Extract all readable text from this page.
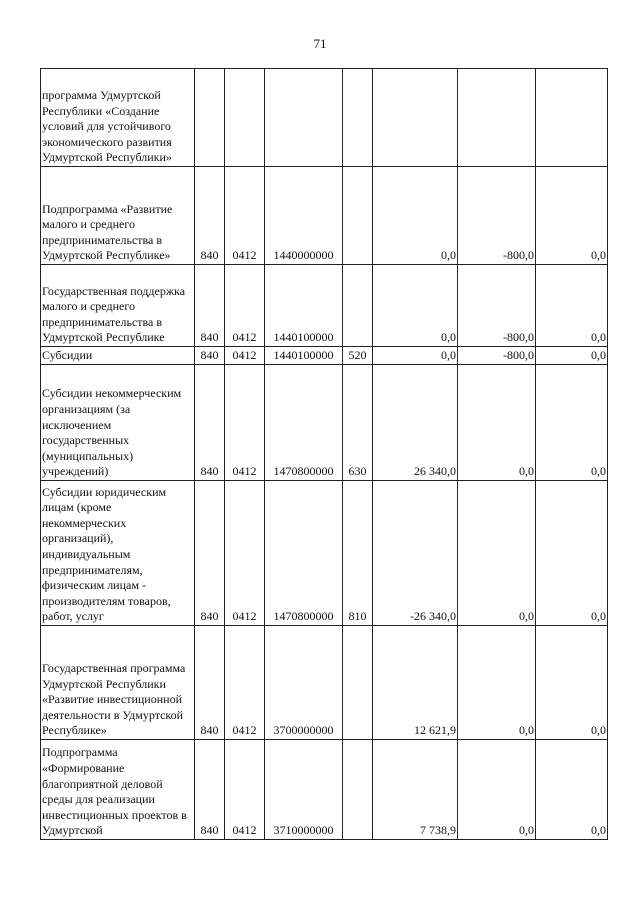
71
программа Удмуртской Республики «Создание условий для устойчивого экономического развития Удмуртской Республики»							
Подпрограмма «Развитие малого и среднего предпринимательства в Удмуртской Республике»	840	0412	1440000000		0,0	-800,0	0,0
Государственная поддержка малого и среднего предпринимательства в Удмуртской Республике	840	0412	1440100000		0,0	-800,0	0,0
Субсидии	840	0412	1440100000	520	0,0	-800,0	0,0
Субсидии некоммерческим организациям (за исключением государственных (муниципальных) учреждений)	840	0412	1470800000	630	26 340,0	0,0	0,0
Субсидии юридическим лицам (кроме некоммерческих организаций), индивидуальным предпринимателям, физическим лицам - производителям товаров, работ, услуг	840	0412	1470800000	810	-26 340,0	0,0	0,0
Государственная программа Удмуртской Республики «Развитие инвестиционной деятельности в Удмуртской Республике»	840	0412	3700000000		12 621,9	0,0	0,0
Подпрограмма «Формирование благоприятной деловой среды для реализации инвестиционных проектов в Удмуртской	840	0412	3710000000		7 738,9	0,0	0,0
